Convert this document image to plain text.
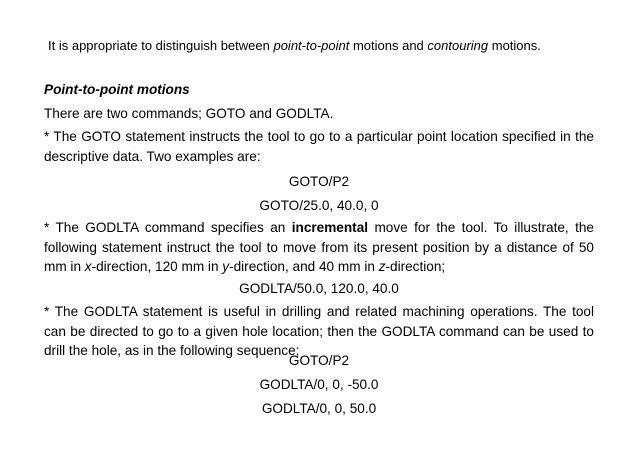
It is appropriate to distinguish between point-to-point motions and contouring motions.
Point-to-point motions
There are two commands; GOTO and GODLTA.
* The GOTO statement instructs the tool to go to a particular point location specified in the descriptive data. Two examples are:
GOTO/P2
GOTO/25.0, 40.0, 0
* The GODLTA command specifies an incremental move for the tool. To illustrate, the following statement instruct the tool to move from its present position by a distance of 50 mm in x-direction, 120 mm in y-direction, and 40 mm in z-direction;
GODLTA/50.0, 120.0, 40.0
* The GODLTA statement is useful in drilling and related machining operations. The tool can be directed to go to a given hole location; then the GODLTA command can be used to drill the hole, as in the following sequence;
GOTO/P2
GODLTA/0, 0, -50.0
GODLTA/0, 0, 50.0
